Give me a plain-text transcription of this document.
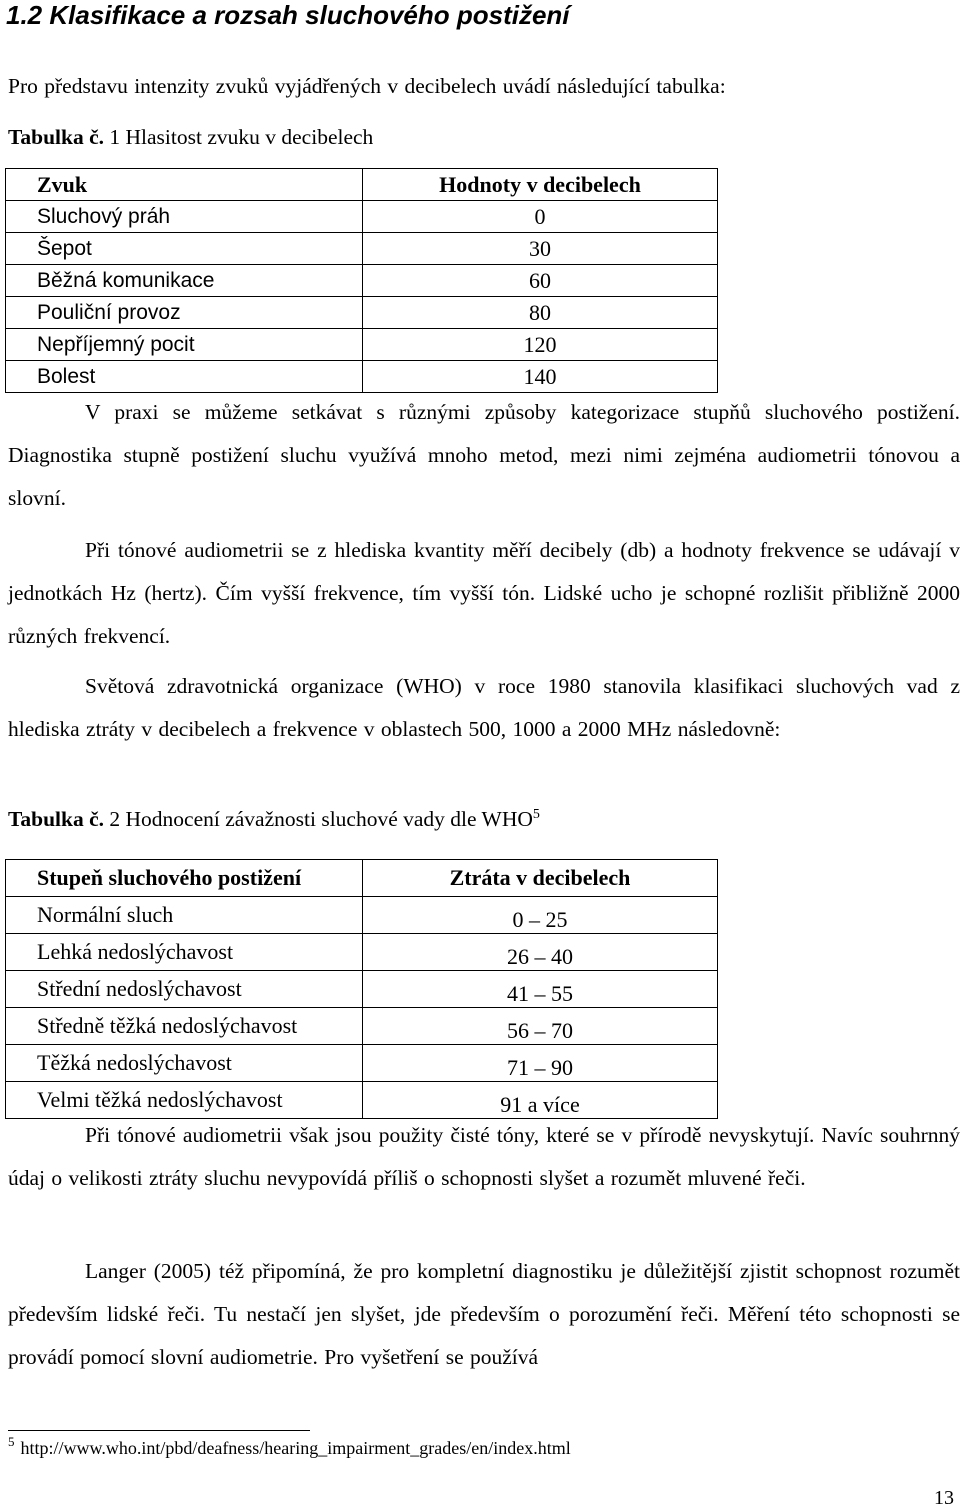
1.2 Klasifikace a rozsah sluchového postižení

Pro představu intenzity zvuků vyjádřených v decibelech uvádí následující tabulka:

Tabulka č. 1 Hlasitost zvuku v decibelech

Zvuk	Hodnoty v decibelech
Sluchový práh	0
Šepot	30
Běžná komunikace	60
Pouliční provoz	80
Nepříjemný pocit	120
Bolest	140

V praxi se můžeme setkávat s různými způsoby kategorizace stupňů sluchového postižení. Diagnostika stupně postižení sluchu využívá mnoho metod, mezi nimi zejména audiometrii tónovou a slovní.

Při tónové audiometrii se z hlediska kvantity měří decibely (db) a hodnoty frekvence se udávají v jednotkách Hz (hertz). Čím vyšší frekvence, tím vyšší tón. Lidské ucho je schopné rozlišit přibližně 2000 různých frekvencí.

Světová zdravotnická organizace (WHO) v roce 1980 stanovila klasifikaci sluchových vad z hlediska ztráty v decibelech a frekvence v oblastech 500, 1000 a 2000 MHz následovně:

Tabulka č. 2 Hodnocení závažnosti sluchové vady dle WHO$^5$

Stupeň sluchového postižení	Ztráta v decibelech
Normální sluch	0 – 25
Lehká nedoslýchavost	26 – 40
Střední nedoslýchavost	41 – 55
Středně těžká nedoslýchavost	56 – 70
Těžká nedoslýchavost	71 – 90
Velmi těžká nedoslýchavost	91 a více

Při tónové audiometrii však jsou použity čisté tóny, které se v přírodě nevyskytují. Navíc souhrnný údaj o velikosti ztráty sluchu nevypovídá příliš o schopnosti slyšet a rozumět mluvené řeči.

Langer (2005) též připomíná, že pro kompletní diagnostiku je důležitější zjistit schopnost rozumět především lidské řeči. Tu nestačí jen slyšet, jde především o porozumění řeči. Měření této schopnosti se provádí pomocí slovní audiometrie. Pro vyšetření se používá

$^5$ http://www.who.int/pbd/deafness/hearing_impairment_grades/en/index.html

13
